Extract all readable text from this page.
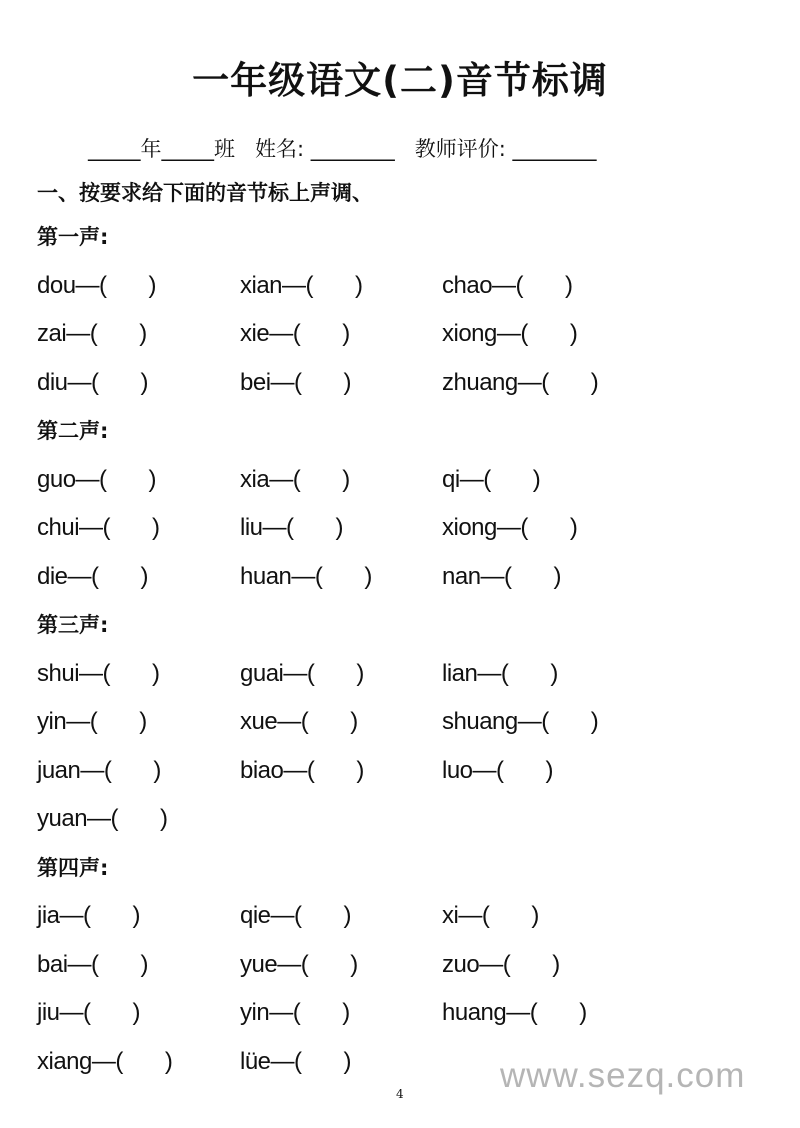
一年级语文(二)音节标调
_____年_____班   姓名: ________   教师评价: ________
一、按要求给下面的音节标上声调、
第一声:
dou—( )	xian—( )	chao—( )
zai—( )	xie—( )	xiong—( )
diu—( )	bei—( )	zhuang—( )
第二声:
guo—( )	xia—( )	qi—( )
chui—( )	liu—( )	xiong—( )
die—( )	huan—( )	nan—( )
第三声:
shui—( )	guai—( )	lian—( )
yin—( )	xue—( )	shuang—( )
juan—( )	biao—( )	luo—( )
yuan—( )
第四声:
jia—( )	qie—( )	xi—( )
bai—( )	yue—( )	zuo—( )
jiu—( )	yin—( )	huang—( )
xiang—( )	lüe—( )
4	www.sezq.com
